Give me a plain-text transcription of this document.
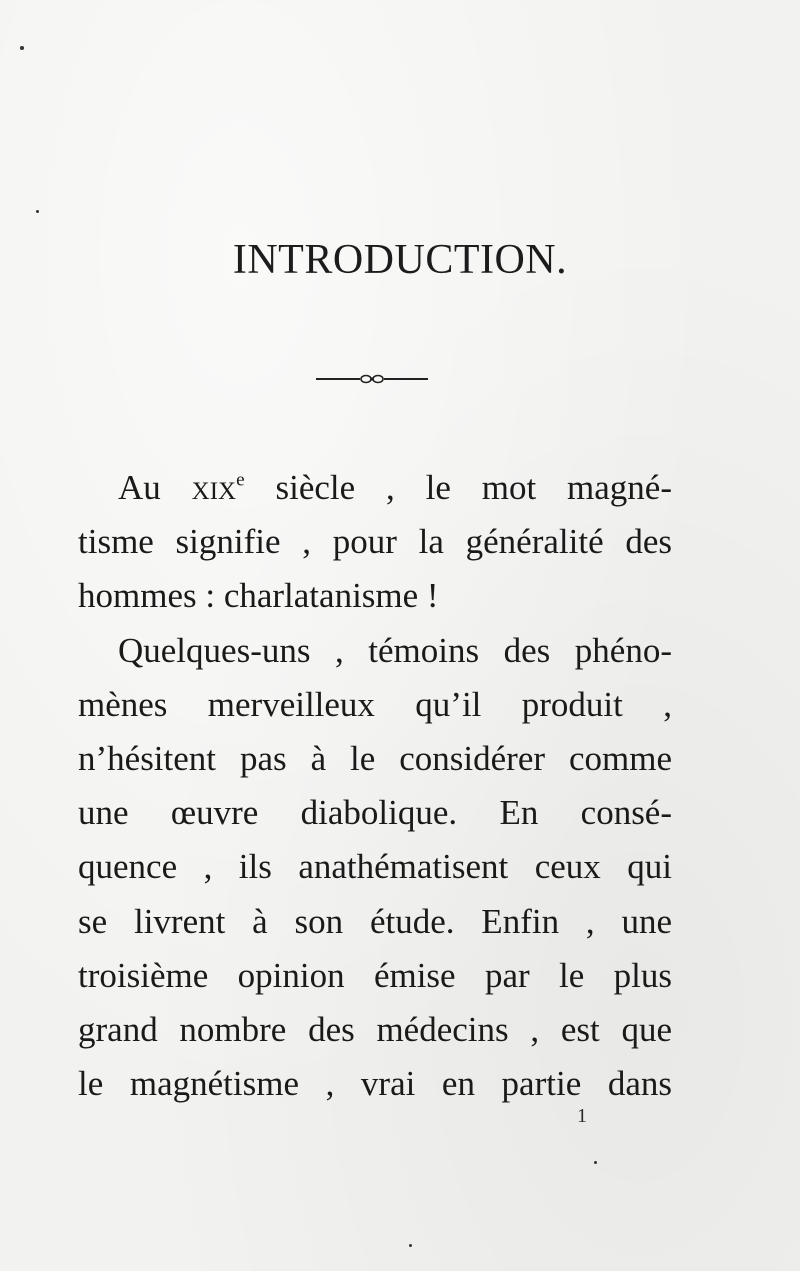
INTRODUCTION.
Au xix$^e$ siècle , le mot magné-
tisme signifie , pour la généralité des
hommes : charlatanisme !
Quelques-uns , témoins des phéno-
mènes merveilleux qu’il produit ,
n’hésitent pas à le considérer comme
une œuvre diabolique. En consé-
quence , ils anathématisent ceux qui
se livrent à son étude. Enfin , une
troisième opinion émise par le plus
grand nombre des médecins , est que
le magnétisme , vrai en partie dans
1
